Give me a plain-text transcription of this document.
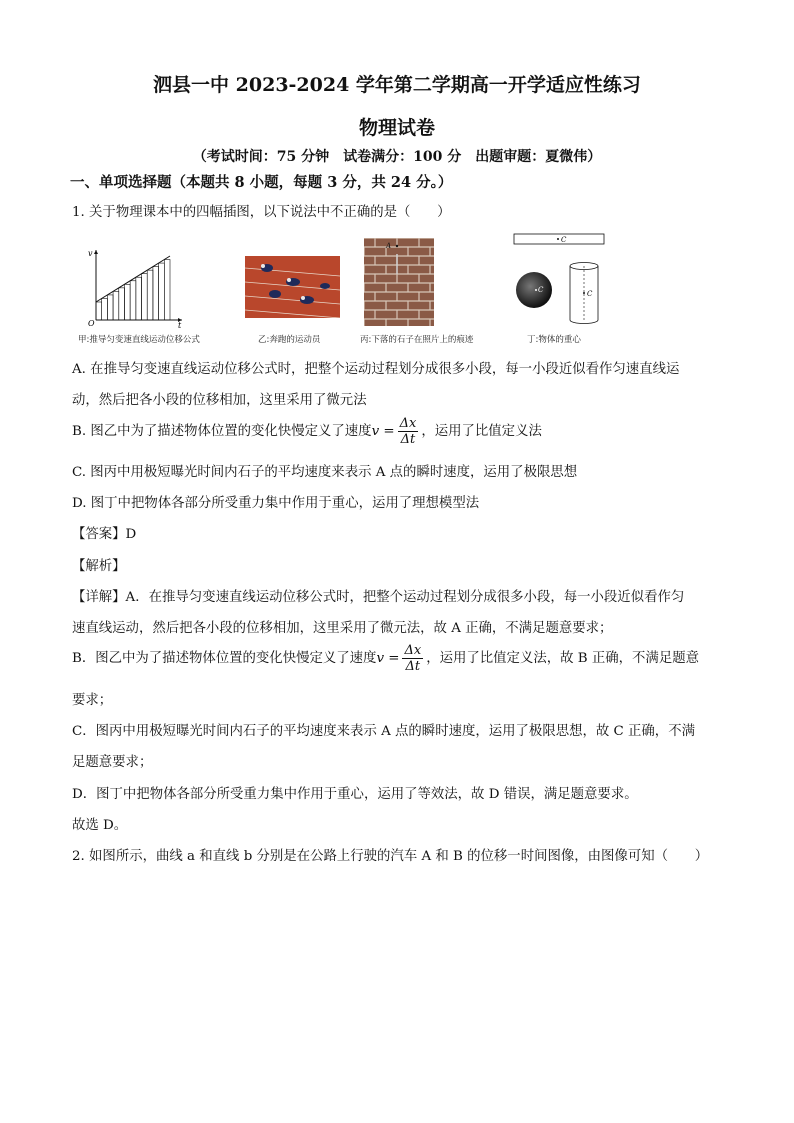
泗县一中 2023-2024 学年第二学期高一开学适应性练习
物理试卷
（考试时间：75 分钟　试卷满分：100 分　出题审题：夏微伟）
一、单项选择题（本题共 8 小题，每题 3 分，共 24 分。）
1. 关于物理课本中的四幅插图，以下说法中不正确的是（　　）
v
O	t
A
C
C	C
甲:推导匀变速直线运动位移公式	乙:奔跑的运动员	丙:下落的石子在照片上的痕迹	丁:物体的重心
A. 在推导匀变速直线运动位移公式时，把整个运动过程划分成很多小段，每一小段近似看作匀速直线运
动，然后把各小段的位移相加，这里采用了微元法
B. 图乙中为了描述物体位置的变化快慢定义了速度$v = \frac{\Delta x}{\Delta t}$ ，运用了比值定义法
C. 图丙中用极短曝光时间内石子的平均速度来表示 A 点的瞬时速度，运用了极限思想
D. 图丁中把物体各部分所受重力集中作用于重心，运用了理想模型法
【答案】D
【解析】
【详解】A．在推导匀变速直线运动位移公式时，把整个运动过程划分成很多小段，每一小段近似看作匀
速直线运动，然后把各小段的位移相加，这里采用了微元法，故 A 正确，不满足题意要求；
B．图乙中为了描述物体位置的变化快慢定义了速度$v = \frac{\Delta x}{\Delta t}$ ，运用了比值定义法，故 B 正确，不满足题意
要求；
C．图丙中用极短曝光时间内石子的平均速度来表示 A 点的瞬时速度，运用了极限思想，故 C 正确，不满
足题意要求；
D．图丁中把物体各部分所受重力集中作用于重心，运用了等效法，故 D 错误，满足题意要求。
故选 D。
2. 如图所示，曲线 a 和直线 b 分别是在公路上行驶的汽车 A 和 B 的位移一时间图像，由图像可知（　　）
